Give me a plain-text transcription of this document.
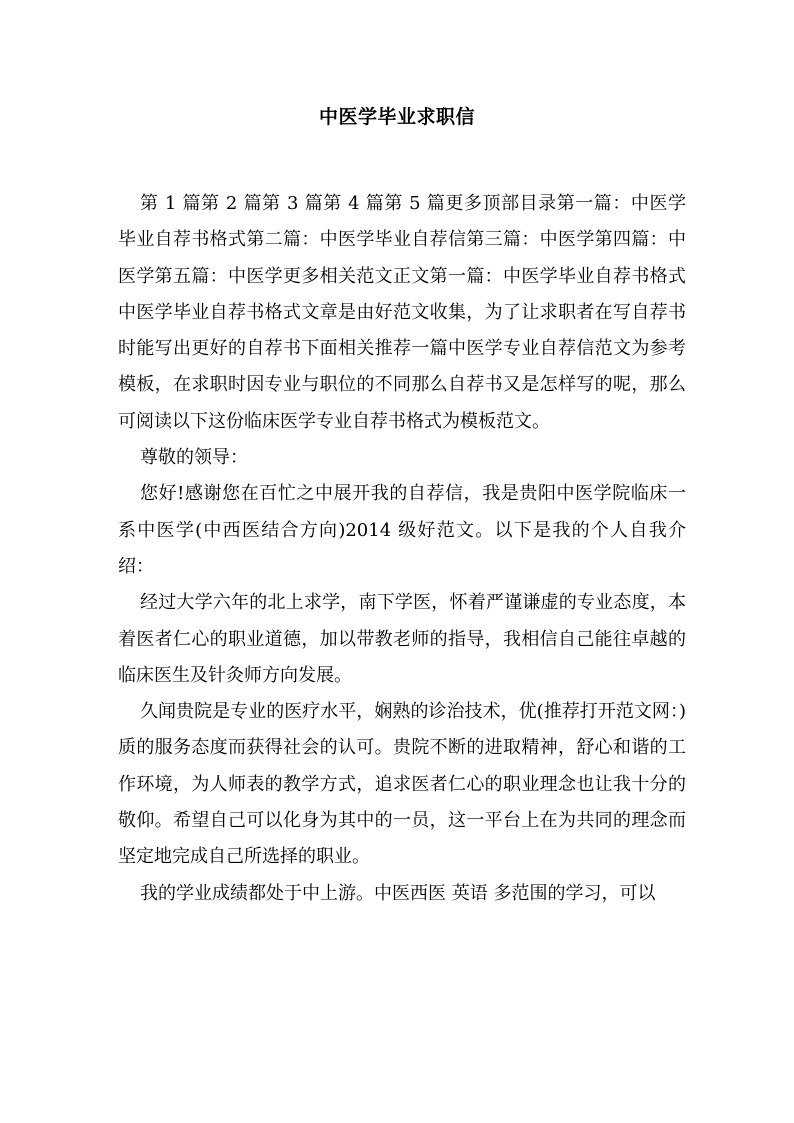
中医学毕业求职信

第 1 篇第 2 篇第 3 篇第 4 篇第 5 篇更多顶部目录第一篇：中医学毕业自荐书格式第二篇：中医学毕业自荐信第三篇：中医学第四篇：中医学第五篇：中医学更多相关范文正文第一篇：中医学毕业自荐书格式 中医学毕业自荐书格式文章是由好范文收集，为了让求职者在写自荐书时能写出更好的自荐书下面相关推荐一篇中医学专业自荐信范文为参考模板，在求职时因专业与职位的不同那么自荐书又是怎样写的呢，那么可阅读以下这份临床医学专业自荐书格式为模板范文。

尊敬的领导：

您好!感谢您在百忙之中展开我的自荐信，我是贵阳中医学院临床一系中医学(中西医结合方向)2014 级好范文。以下是我的个人自我介绍：

经过大学六年的北上求学，南下学医，怀着严谨谦虚的专业态度，本着医者仁心的职业道德，加以带教老师的指导，我相信自己能往卓越的临床医生及针灸师方向发展。

久闻贵院是专业的医疗水平，娴熟的诊治技术，优(推荐打开范文网：)质的服务态度而获得社会的认可。贵院不断的进取精神，舒心和谐的工作环境，为人师表的教学方式，追求医者仁心的职业理念也让我十分的敬仰。希望自己可以化身为其中的一员，这一平台上在为共同的理念而坚定地完成自己所选择的职业。

我的学业成绩都处于中上游。中医西医 英语 多范围的学习，可以
